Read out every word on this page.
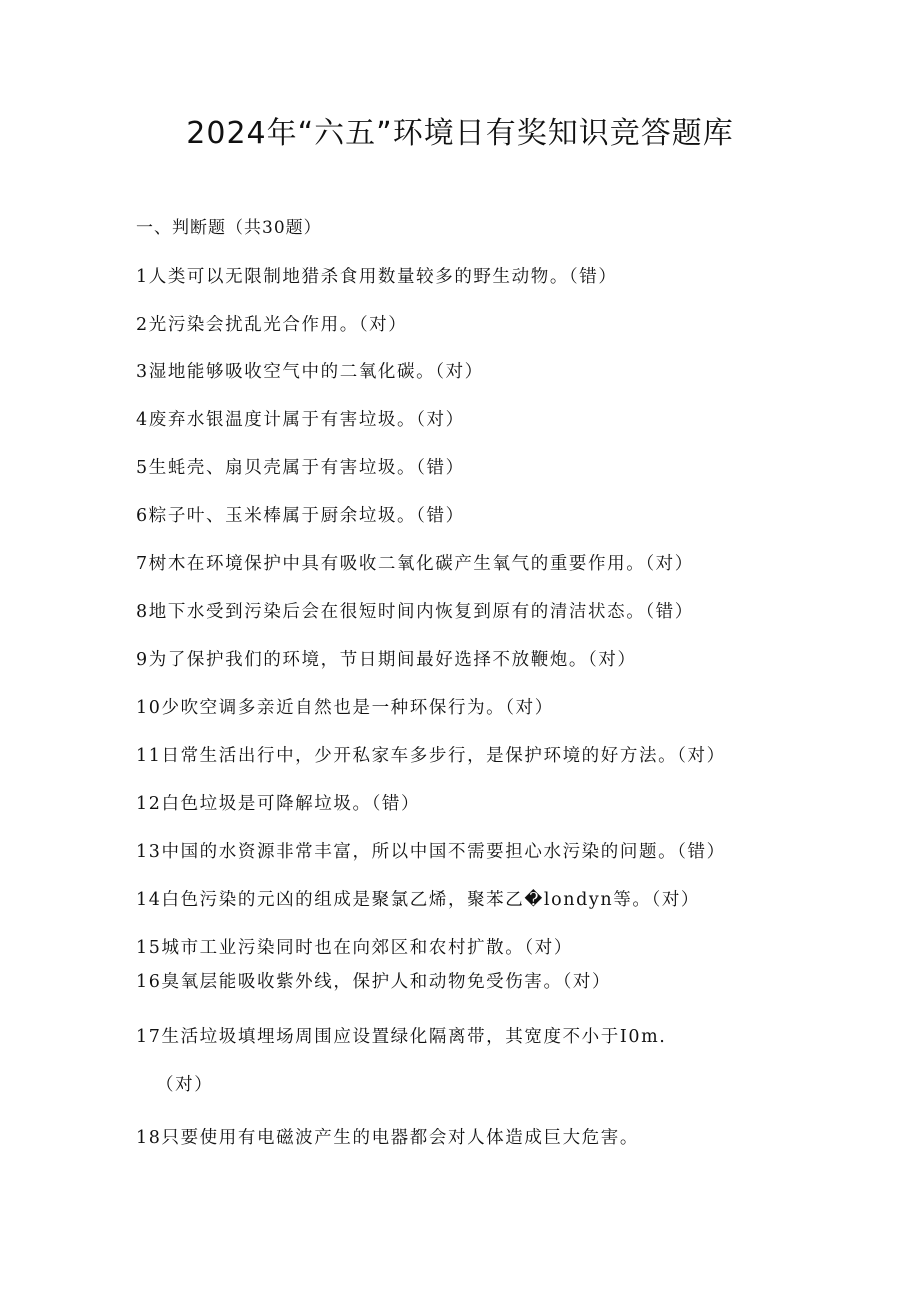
2024年“六五”环境日有奖知识竞答题库
一、判断题（共30题）
1人类可以无限制地猎杀食用数量较多的野生动物。（错）
2光污染会扰乱光合作用。（对）
3湿地能够吸收空气中的二氧化碳。（对）
4废弃水银温度计属于有害垃圾。（对）
5生蚝壳、扇贝壳属于有害垃圾。（错）
6粽子叶、玉米棒属于厨余垃圾。（错）
7树木在环境保护中具有吸收二氧化碳产生氧气的重要作用。（对）
8地下水受到污染后会在很短时间内恢复到原有的清洁状态。（错）
9为了保护我们的环境，节日期间最好选择不放鞭炮。（对）
10少吹空调多亲近自然也是一种环保行为。（对）
11日常生活出行中，少开私家车多步行，是保护环境的好方法。（对）
12白色垃圾是可降解垃圾。（错）
13中国的水资源非常丰富，所以中国不需要担心水污染的问题。（错）
14白色污染的元凶的组成是聚氯乙烯，聚苯乙�londyn等。（对）
15城市工业污染同时也在向郊区和农村扩散。（对）
16臭氧层能吸收紫外线，保护人和动物免受伤害。（对）
17生活垃圾填埋场周围应设置绿化隔离带，其宽度不小于I0m.
（对）
18只要使用有电磁波产生的电器都会对人体造成巨大危害。
